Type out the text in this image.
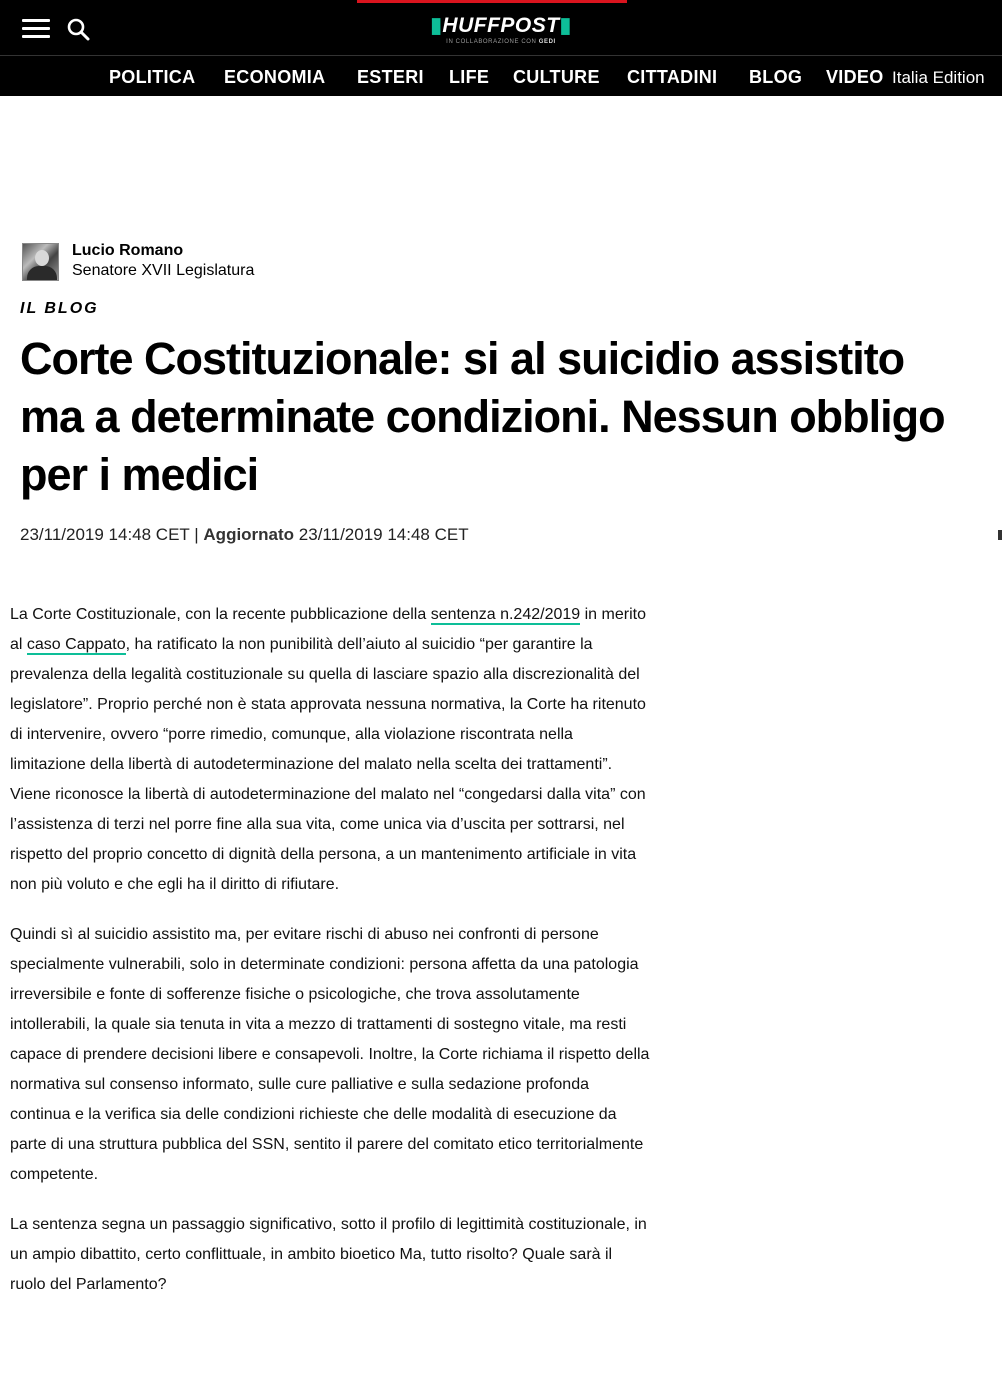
▮HUFFPOST▮
IN COLLABORAZIONE CON GEDI
POLITICA ECONOMIA ESTERI LIFE CULTURE CITTADINI BLOG VIDEO Italia Edition
Lucio Romano
Senatore XVII Legislatura
IL BLOG
Corte Costituzionale: si al suicidio assistito ma a determinate condizioni. Nessun obbligo per i medici
23/11/2019 14:48 CET | Aggiornato 23/11/2019 14:48 CET

La Corte Costituzionale, con la recente pubblicazione della sentenza n.242/2019 in merito al caso Cappato, ha ratificato la non punibilità dell’aiuto al suicidio “per garantire la prevalenza della legalità costituzionale su quella di lasciare spazio alla discrezionalità del legislatore”. Proprio perché non è stata approvata nessuna normativa, la Corte ha ritenuto di intervenire, ovvero “porre rimedio, comunque, alla violazione riscontrata nella limitazione della libertà di autodeterminazione del malato nella scelta dei trattamenti”. Viene riconosce la libertà di autodeterminazione del malato nel “congedarsi dalla vita” con l’assistenza di terzi nel porre fine alla sua vita, come unica via d’uscita per sottrarsi, nel rispetto del proprio concetto di dignità della persona, a un mantenimento artificiale in vita non più voluto e che egli ha il diritto di rifiutare.

Quindi sì al suicidio assistito ma, per evitare rischi di abuso nei confronti di persone specialmente vulnerabili, solo in determinate condizioni: persona affetta da una patologia irreversibile e fonte di sofferenze fisiche o psicologiche, che trova assolutamente intollerabili, la quale sia tenuta in vita a mezzo di trattamenti di sostegno vitale, ma resti capace di prendere decisioni libere e consapevoli. Inoltre, la Corte richiama il rispetto della normativa sul consenso informato, sulle cure palliative e sulla sedazione profonda continua e la verifica sia delle condizioni richieste che delle modalità di esecuzione da parte di una struttura pubblica del SSN, sentito il parere del comitato etico territorialmente competente.

La sentenza segna un passaggio significativo, sotto il profilo di legittimità costituzionale, in un ampio dibattito, certo conflittuale, in ambito bioetico Ma, tutto risolto? Quale sarà il ruolo del Parlamento?
